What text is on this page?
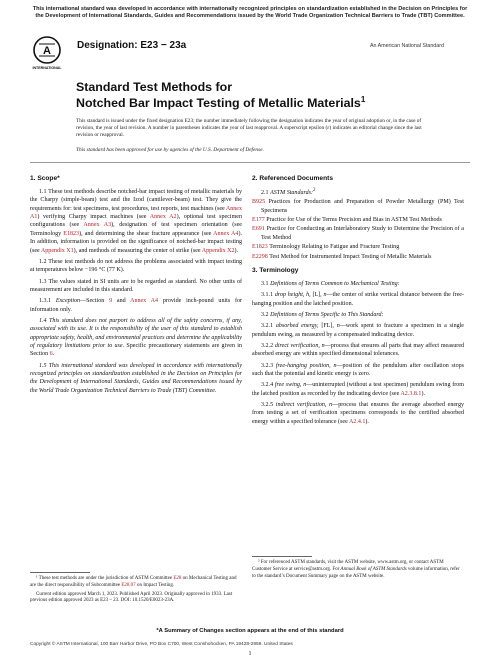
This international standard was developed in accordance with internationally recognized principles on standardization established in the Decision on Principles for the Development of International Standards, Guides and Recommendations issued by the World Trade Organization Technical Barriers to Trade (TBT) Committee.
A
INTERNATIONAL
Designation: E23 − 23a	An American National Standard
Standard Test Methods for
Notched Bar Impact Testing of Metallic Materials$^1$
This standard is issued under the fixed designation E23; the number immediately following the designation indicates the year of original adoption or, in the case of revision, the year of last revision. A number in parentheses indicates the year of last reapproval. A superscript epsilon (ε) indicates an editorial change since the last revision or reapproval.
This standard has been approved for use by agencies of the U.S. Department of Defense.
1. Scope*

1.1 These test methods describe notched-bar impact testing of metallic materials by the Charpy (simple-beam) test and the Izod (cantilever-beam) test. They give the requirements for: test specimens, test procedures, test reports, test machines (see Annex A1) verifying Charpy impact machines (see Annex A2), optional test specimen configurations (see Annex A3), designation of test specimen orientation (see Terminology E1823), and determining the shear fracture appearance (see Annex A4). In addition, information is provided on the significance of notched-bar impact testing (see Appendix X1), and methods of measuring the center of strike (see Appendix X2).

1.2 These test methods do not address the problems associated with impact testing at temperatures below −196 °C (77 K).

1.3 The values stated in SI units are to be regarded as standard. No other units of measurement are included in this standard.

1.3.1 Exception—Section 9 and Annex A4 provide inch-pound units for information only.

1.4 This standard does not purport to address all of the safety concerns, if any, associated with its use. It is the responsibility of the user of this standard to establish appropriate safety, health, and environmental practices and determine the applicability of regulatory limitations prior to use. Specific precautionary statements are given in Section 6.

1.5 This international standard was developed in accordance with internationally recognized principles on standardization established in the Decision on Principles for the Development of International Standards, Guides and Recommendations issued by the World Trade Organization Technical Barriers to Trade (TBT) Committee.

2. Referenced Documents

2.1 ASTM Standards:$^2$

B925 Practices for Production and Preparation of Powder Metallurgy (PM) Test Specimens
E177 Practice for Use of the Terms Precision and Bias in ASTM Test Methods
E691 Practice for Conducting an Interlaboratory Study to Determine the Precision of a Test Method
E1823 Terminology Relating to Fatigue and Fracture Testing
E2298 Test Method for Instrumented Impact Testing of Metallic Materials
3. Terminology

3.1 Definitions of Terms Common to Mechanical Testing:

3.1.1 drop height, h, [L], n—the center of strike vertical distance between the free-hanging position and the latched position.

3.2 Definitions of Terms Specific to This Standard:

3.2.1 absorbed energy, [FL], n—work spent to fracture a specimen in a single pendulum swing, as measured by a compensated indicating device.

3.2.2 direct verification, n—process that ensures all parts that may affect measured absorbed energy are within specified dimensional tolerances.

3.2.3 free-hanging position, n—position of the pendulum after oscillation stops such that the potential and kinetic energy is zero.

3.2.4 free swing, n—uninterrupted (without a test specimen) pendulum swing from the latched position as recorded by the indicating device (see A2.3.8.1).

3.2.5 indirect verification, n—process that ensures the average absorbed energy from testing a set of verification specimens corresponds to the certified absorbed energy within a specified tolerance (see A2.4.1).

¹ These test methods are under the jurisdiction of ASTM Committee E28 on Mechanical Testing and are the direct responsibility of Subcommittee E28.07 on Impact Testing.

Current edition approved March 1, 2023. Published April 2023. Originally approved in 1933. Last previous edition approved 2023 as E23 – 23. DOI: 10.1520/E0023-23A.

² For referenced ASTM standards, visit the ASTM website, www.astm.org, or contact ASTM Customer Service at service@astm.org. For Annual Book of ASTM Standards volume information, refer to the standard’s Document Summary page on the ASTM website.

*A Summary of Changes section appears at the end of this standard
Copyright © ASTM International, 100 Barr Harbor Drive, PO Box C700, West Conshohocken, PA 19428-2959. United States
1
